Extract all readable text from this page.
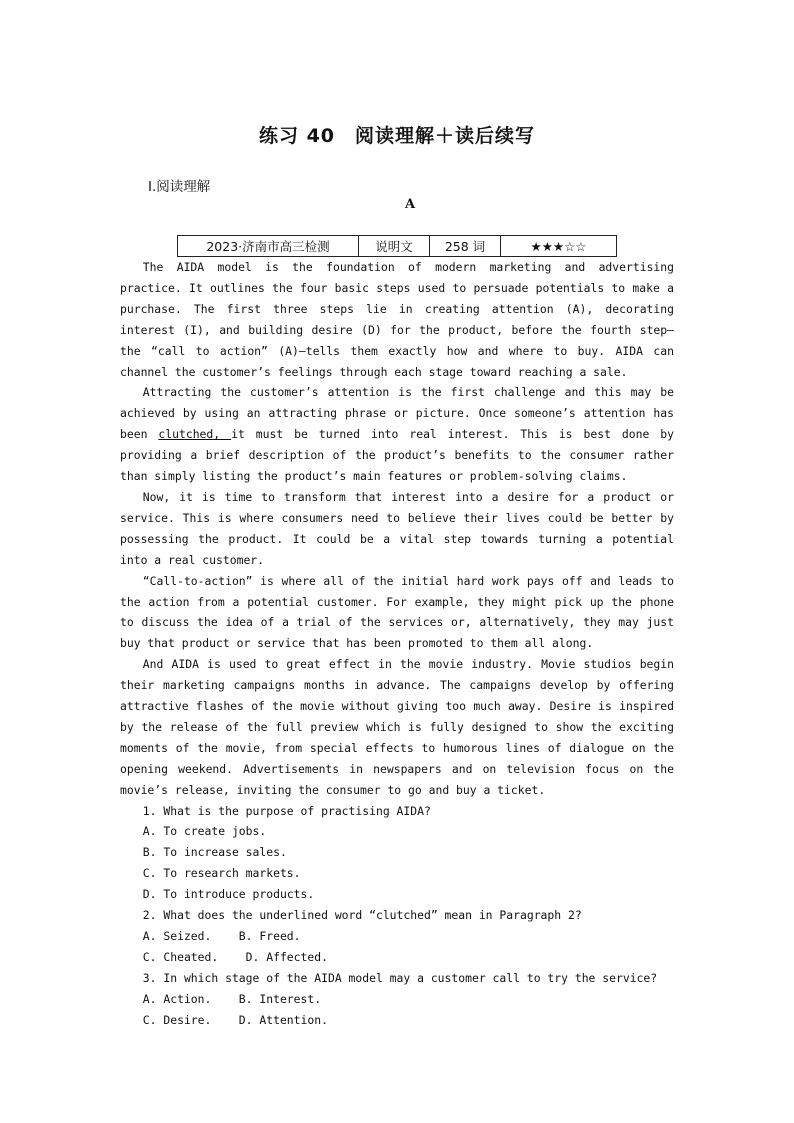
练习 40　阅读理解＋读后续写
Ⅰ.阅读理解
A
2023·济南市高三检测	说明文	258 词	★★★☆☆

The AIDA model is the foundation of modern marketing and advertising practice. It outlines the four basic steps used to persuade potentials to make a purchase. The first three steps lie in creating attention (A), decorating interest (I), and building desire (D) for the product, before the fourth step—the “call to action” (A)—tells them exactly how and where to buy. AIDA can channel the customer’s feelings through each stage toward reaching a sale.

Attracting the customer’s attention is the first challenge and this may be achieved by using an attracting phrase or picture. Once someone’s attention has been clutched, it must be turned into real interest. This is best done by providing a brief description of the product’s benefits to the consumer rather than simply listing the product’s main features or problem-solving claims.

Now, it is time to transform that interest into a desire for a product or service. This is where consumers need to believe their lives could be better by possessing the product. It could be a vital step towards turning a potential into a real customer.

“Call-to-action” is where all of the initial hard work pays off and leads to the action from a potential customer. For example, they might pick up the phone to discuss the idea of a trial of the services or, alternatively, they may just buy that product or service that has been promoted to them all along.

And AIDA is used to great effect in the movie industry. Movie studios begin their marketing campaigns months in advance. The campaigns develop by offering attractive flashes of the movie without giving too much away. Desire is inspired by the release of the full preview which is fully designed to show the exciting moments of the movie, from special effects to humorous lines of dialogue on the opening weekend. Advertisements in newspapers and on television focus on the movie’s release, inviting the consumer to go and buy a ticket.

1. What is the purpose of practising AIDA?
A. To create jobs.
B. To increase sales.
C. To research markets.
D. To introduce products.
2. What does the underlined word “clutched” mean in Paragraph 2?
A. Seized.    B. Freed.
C. Cheated.    D. Affected.
3. In which stage of the AIDA model may a customer call to try the service?
A. Action.    B. Interest.
C. Desire.    D. Attention.
